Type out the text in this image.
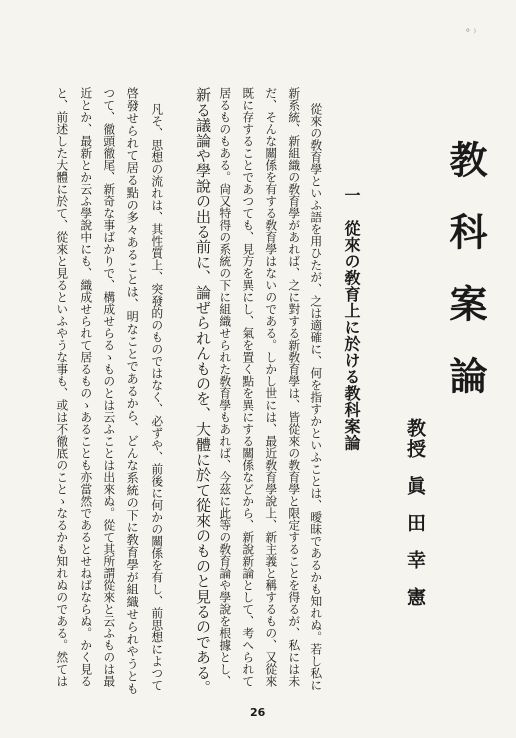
° ⁾
教科案論
教授
眞田幸憲
一　從來の敎育上に於ける教科案論
從來の敎育學といふ語を用ひたが、之は適確に、何を指すかといふことは、曖昧であるかも知れぬ。若し私に
新系統、新組織の敎育學があれば、之に對する新敎育學は、皆從來の教育學と限定することを得るが、私には未
だ、そんな關係を有する敎育學はないのである。しかし世には、最近敎育學說上、新主義と稱するもの、又從來
既に存することであつても、見方を異にし、氣を置く點を異にする關係などから、新說新論として、考へられて
居るものもある。尙又特得の系統の下に組織せられた敎育學もあれば、今茲に此等の敎育論や學說を根據とし、
新る議論や學說の出る前に、論ぜられんものを、大體に於て從來のものと見るのである。
凡そ、思想の流れは、其性質上、突發的のものではなく、必ずや、前後に何かの關係を有し、前思想によつて
啓發せられて居る點の多々あることは、明なことであるから、どんな系統の下に敎育學が組織せられやうとも
つて、徹頭徹尾、新奇な事ばかりで、構成せらるゝものとは云ふことは出來ぬ。從て其所謂從來と云ふものは最
近とか、最新とか云ふ學說中にも、織成せられて居るものゝあることも亦當然であるとせねばならぬ。かく見る
と、前述した大體に於て、從來と見るといふやうな事も、或は不徹底のことゝなるかも知れぬのである。然ては
26
